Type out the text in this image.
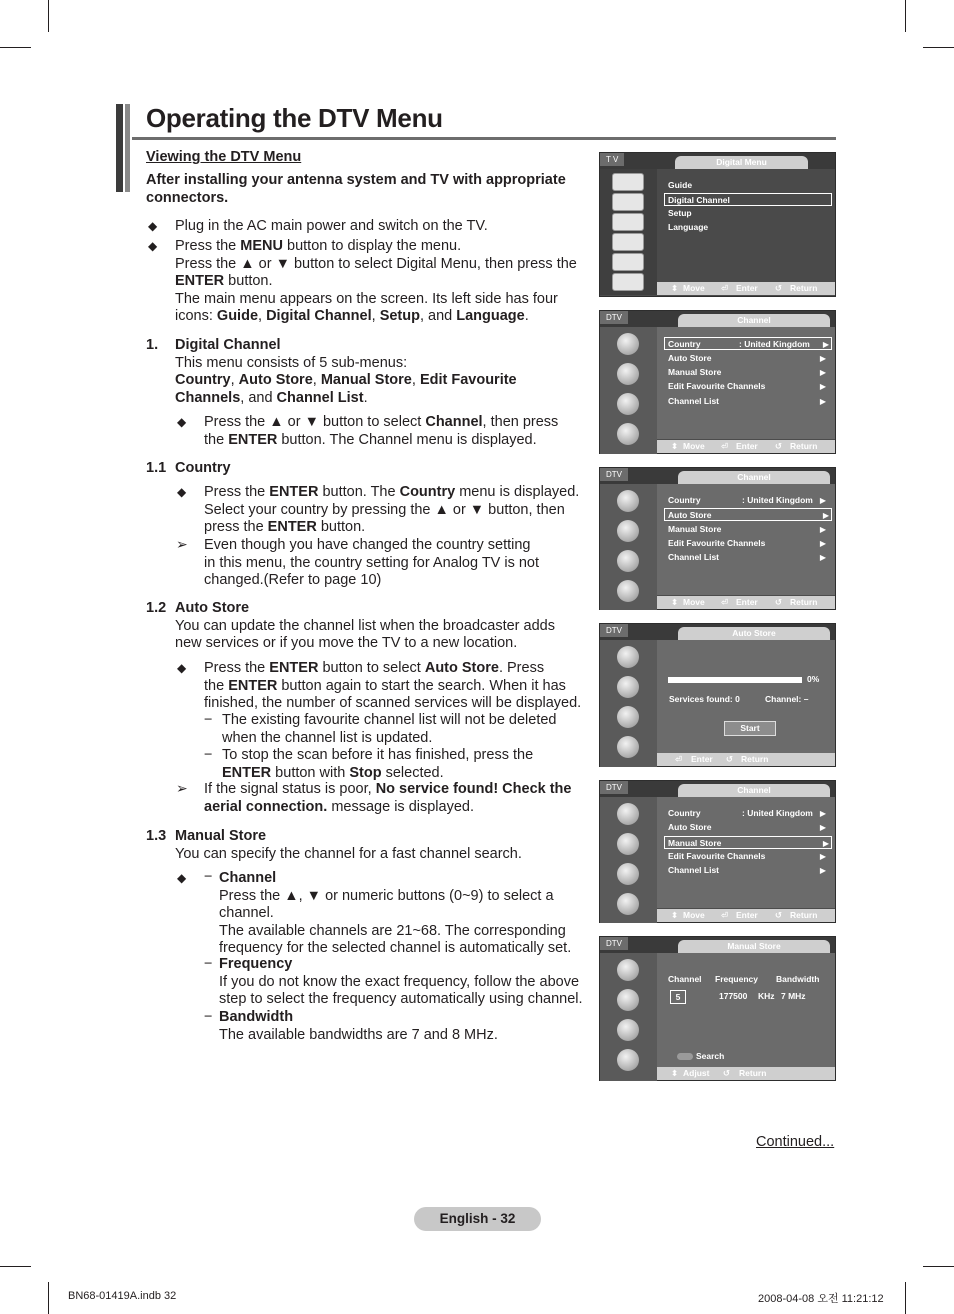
Operating the DTV Menu
Viewing the DTV Menu
After installing your antenna system and TV with appropriate connectors.
◆ Plug in the AC main power and switch on the TV.
◆ Press the MENU button to display the menu.
Press the ▲ or ▼ button to select Digital Menu, then press the
ENTER button.
The main menu appears on the screen. Its left side has four
icons: Guide, Digital Channel, Setup, and Language.
1. Digital Channel
This menu consists of 5 sub-menus:
Country, Auto Store, Manual Store, Edit Favourite
Channels, and Channel List.
◆ Press the ▲ or ▼ button to select Channel, then press
the ENTER button. The Channel menu is displayed.
1.1 Country
◆ Press the ENTER button. The Country menu is displayed.
Select your country by pressing the ▲ or ▼ button, then
press the ENTER button.
➢ Even though you have changed the country setting
in this menu, the country setting for Analog TV is not
changed.(Refer to page 10)
1.2 Auto Store
You can update the channel list when the broadcaster adds
new services or if you move the TV to a new location.
◆ Press the ENTER button to select Auto Store. Press
the ENTER button again to start the search. When it has
finished, the number of scanned services will be displayed.
− The existing favourite channel list will not be deleted
when the channel list is updated.
− To stop the scan before it has finished, press the
ENTER button with Stop selected.
➢ If the signal status is poor, No service found! Check the
aerial connection. message is displayed.
1.3 Manual Store
You can specify the channel for a fast channel search.
◆ − Channel
Press the ▲, ▼ or numeric buttons (0~9) to select a
channel.
The available channels are 21~68. The corresponding
frequency for the selected channel is automatically set.
− Frequency
If you do not know the exact frequency, follow the above
step to select the frequency automatically using channel.
− Bandwidth
The available bandwidths are 7 and 8 MHz.
T V	Digital Menu
Guide
Digital Channel
Setup
Language
⬍ Move ⏎ Enter ↺ Return
DTV	Channel
Country	: United Kingdom ▶
Auto Store	▶
Manual Store	▶
Edit Favourite Channels	▶
Channel List	▶
⬍ Move ⏎ Enter ↺ Return
DTV	Channel
Country	: United Kingdom ▶
Auto Store	▶
Manual Store	▶
Edit Favourite Channels	▶
Channel List	▶
⬍ Move ⏎ Enter ↺ Return
DTV	Auto Store
0%
Services found: 0	Channel: –
Start
⏎ Enter ↺ Return
DTV	Channel
Country	: United Kingdom ▶
Auto Store	▶
Manual Store	▶
Edit Favourite Channels	▶
Channel List	▶
⬍ Move ⏎ Enter ↺ Return
DTV	Manual Store
Channel	Frequency	Bandwidth
5	177500	KHz 7 MHz
Search
⬍ Adjust ↺ Return
Continued...
English - 32
BN68-01419A.indb 32	2008-04-08 오전 11:21:12
